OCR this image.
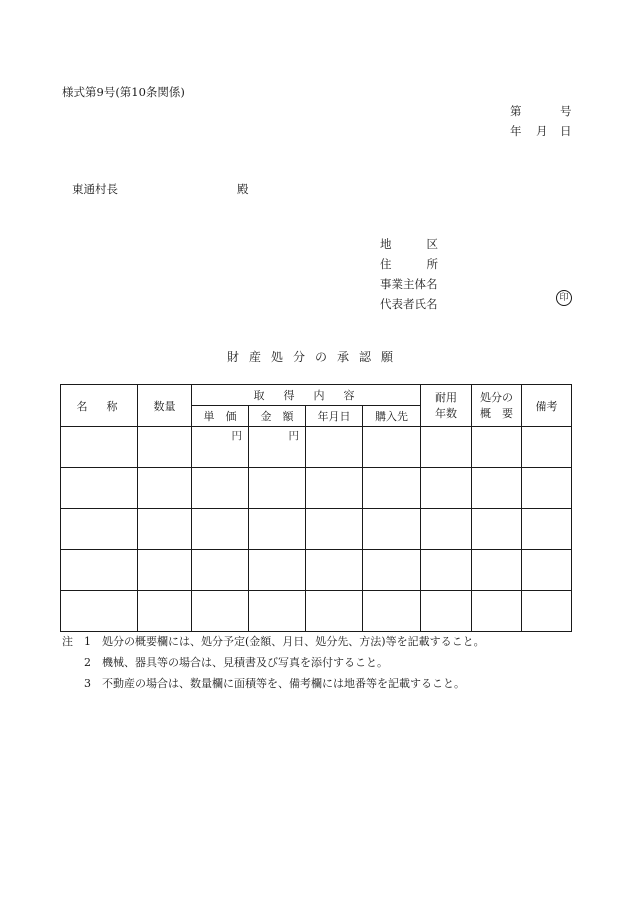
様式第9号(第10条関係)
第	号
年 月 日
東通村長	殿
地	区
住	所
事業主体名
代表者氏名	印
財産処分の承認願
名　称	数量	取　得　内　容				耐用年数	処分の概　要	備考
		単　価	金　額	年月日	購入先			

		円	円					

注 1 処分の概要欄には、処分予定(金額、月日、処分先、方法)等を記載すること。
2 機械、器具等の場合は、見積書及び写真を添付すること。
3 不動産の場合は、数量欄に面積等を、備考欄には地番等を記載すること。
